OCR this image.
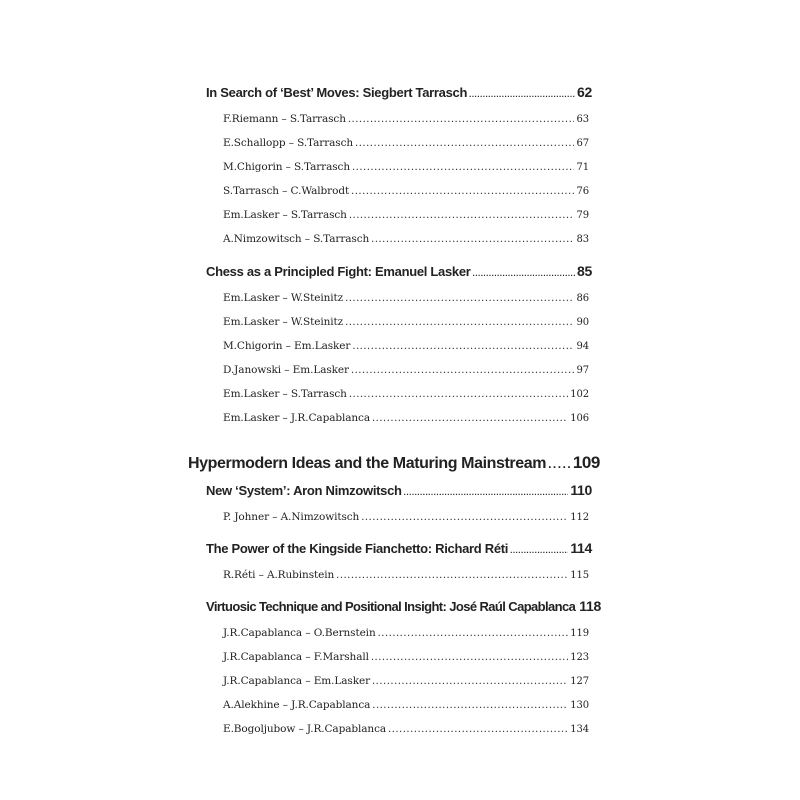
In Search of ‘Best’ Moves: Siegbert Tarrasch .....	62
F.Riemann – S.Tarrasch .....	63
E.Schallopp – S.Tarrasch .....	67
M.Chigorin – S.Tarrasch .....	71
S.Tarrasch – C.Walbrodt .....	76
Em.Lasker – S.Tarrasch .....	79
A.Nimzowitsch – S.Tarrasch .....	83
Chess as a Principled Fight: Emanuel Lasker .....	85
Em.Lasker – W.Steinitz .....	86
Em.Lasker – W.Steinitz .....	90
M.Chigorin – Em.Lasker .....	94
D.Janowski – Em.Lasker .....	97
Em.Lasker – S.Tarrasch .....	102
Em.Lasker – J.R.Capablanca .....	106
Hypermodern Ideas and the Maturing Mainstream ..... 109
New ‘System’: Aron Nimzowitsch .....	110
P. Johner – A.Nimzowitsch .....	112
The Power of the Kingside Fianchetto: Richard Réti .....	114
R.Réti – A.Rubinstein .....	115
Virtuosic Technique and Positional Insight: José Raúl Capablanca 118
J.R.Capablanca – O.Bernstein .....	119
J.R.Capablanca – F.Marshall .....	123
J.R.Capablanca – Em.Lasker .....	127
A.Alekhine – J.R.Capablanca .....	130
E.Bogoljubow – J.R.Capablanca .....	134
